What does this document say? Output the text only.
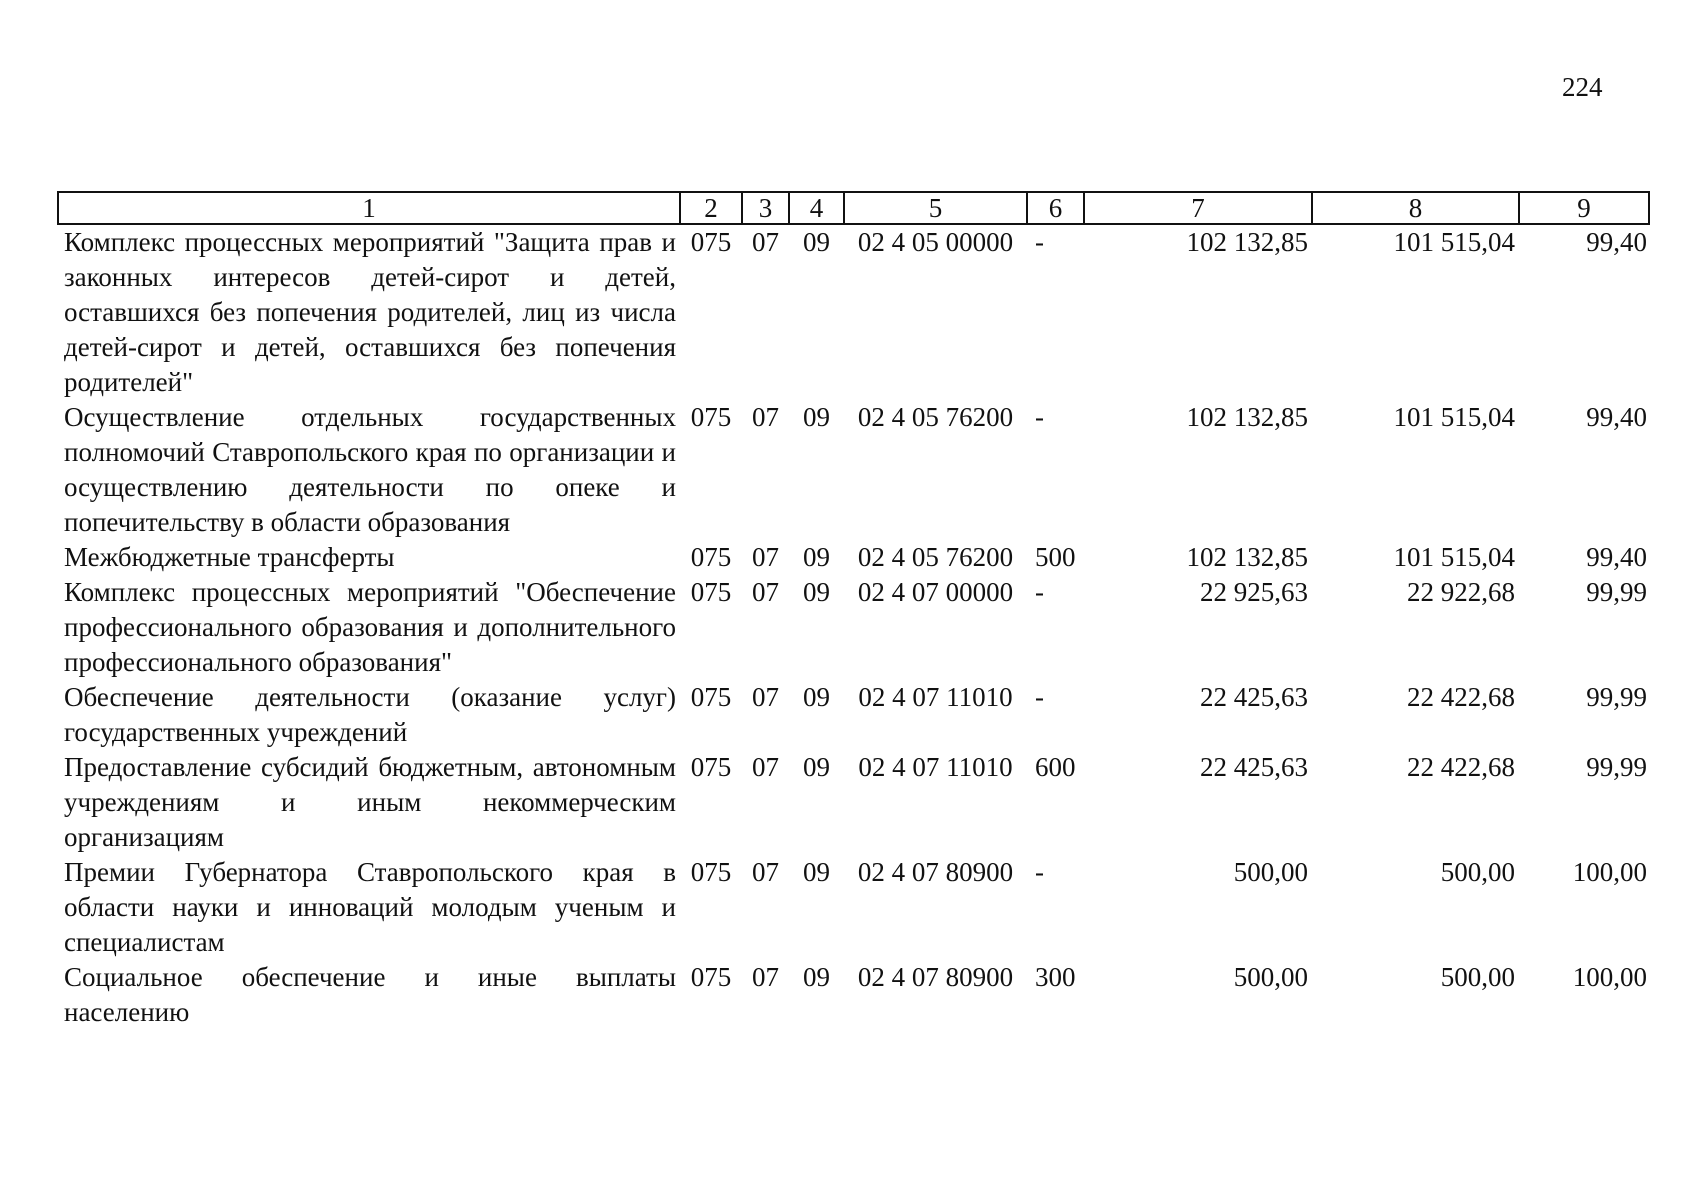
224
1	2	3	4	5	6	7	8	9
Комплекс процессных мероприятий "Защита прав и законных интересов детей-сирот и детей, оставшихся без попечения родителей, лиц из числа детей-сирот и детей, оставшихся без попечения родителей"	075	07	09	02 4 05 00000	-	102 132,85	101 515,04	99,40
Осуществление отдельных государственных полномочий Ставропольского края по организации и осуществлению деятельности по опеке и попечительству в области образования	075	07	09	02 4 05 76200	-	102 132,85	101 515,04	99,40
Межбюджетные трансферты	075	07	09	02 4 05 76200	500	102 132,85	101 515,04	99,40
Комплекс процессных мероприятий "Обеспечение профессионального образования и дополнительного профессионального образования"	075	07	09	02 4 07 00000	-	22 925,63	22 922,68	99,99
Обеспечение деятельности (оказание услуг) государственных учреждений	075	07	09	02 4 07 11010	-	22 425,63	22 422,68	99,99
Предоставление субсидий бюджетным, автономным учреждениям и иным некоммерческим организациям	075	07	09	02 4 07 11010	600	22 425,63	22 422,68	99,99
Премии Губернатора Ставропольского края в области науки и инноваций молодым ученым и специалистам	075	07	09	02 4 07 80900	-	500,00	500,00	100,00
Социальное обеспечение и иные выплаты населению	075	07	09	02 4 07 80900	300	500,00	500,00	100,00
